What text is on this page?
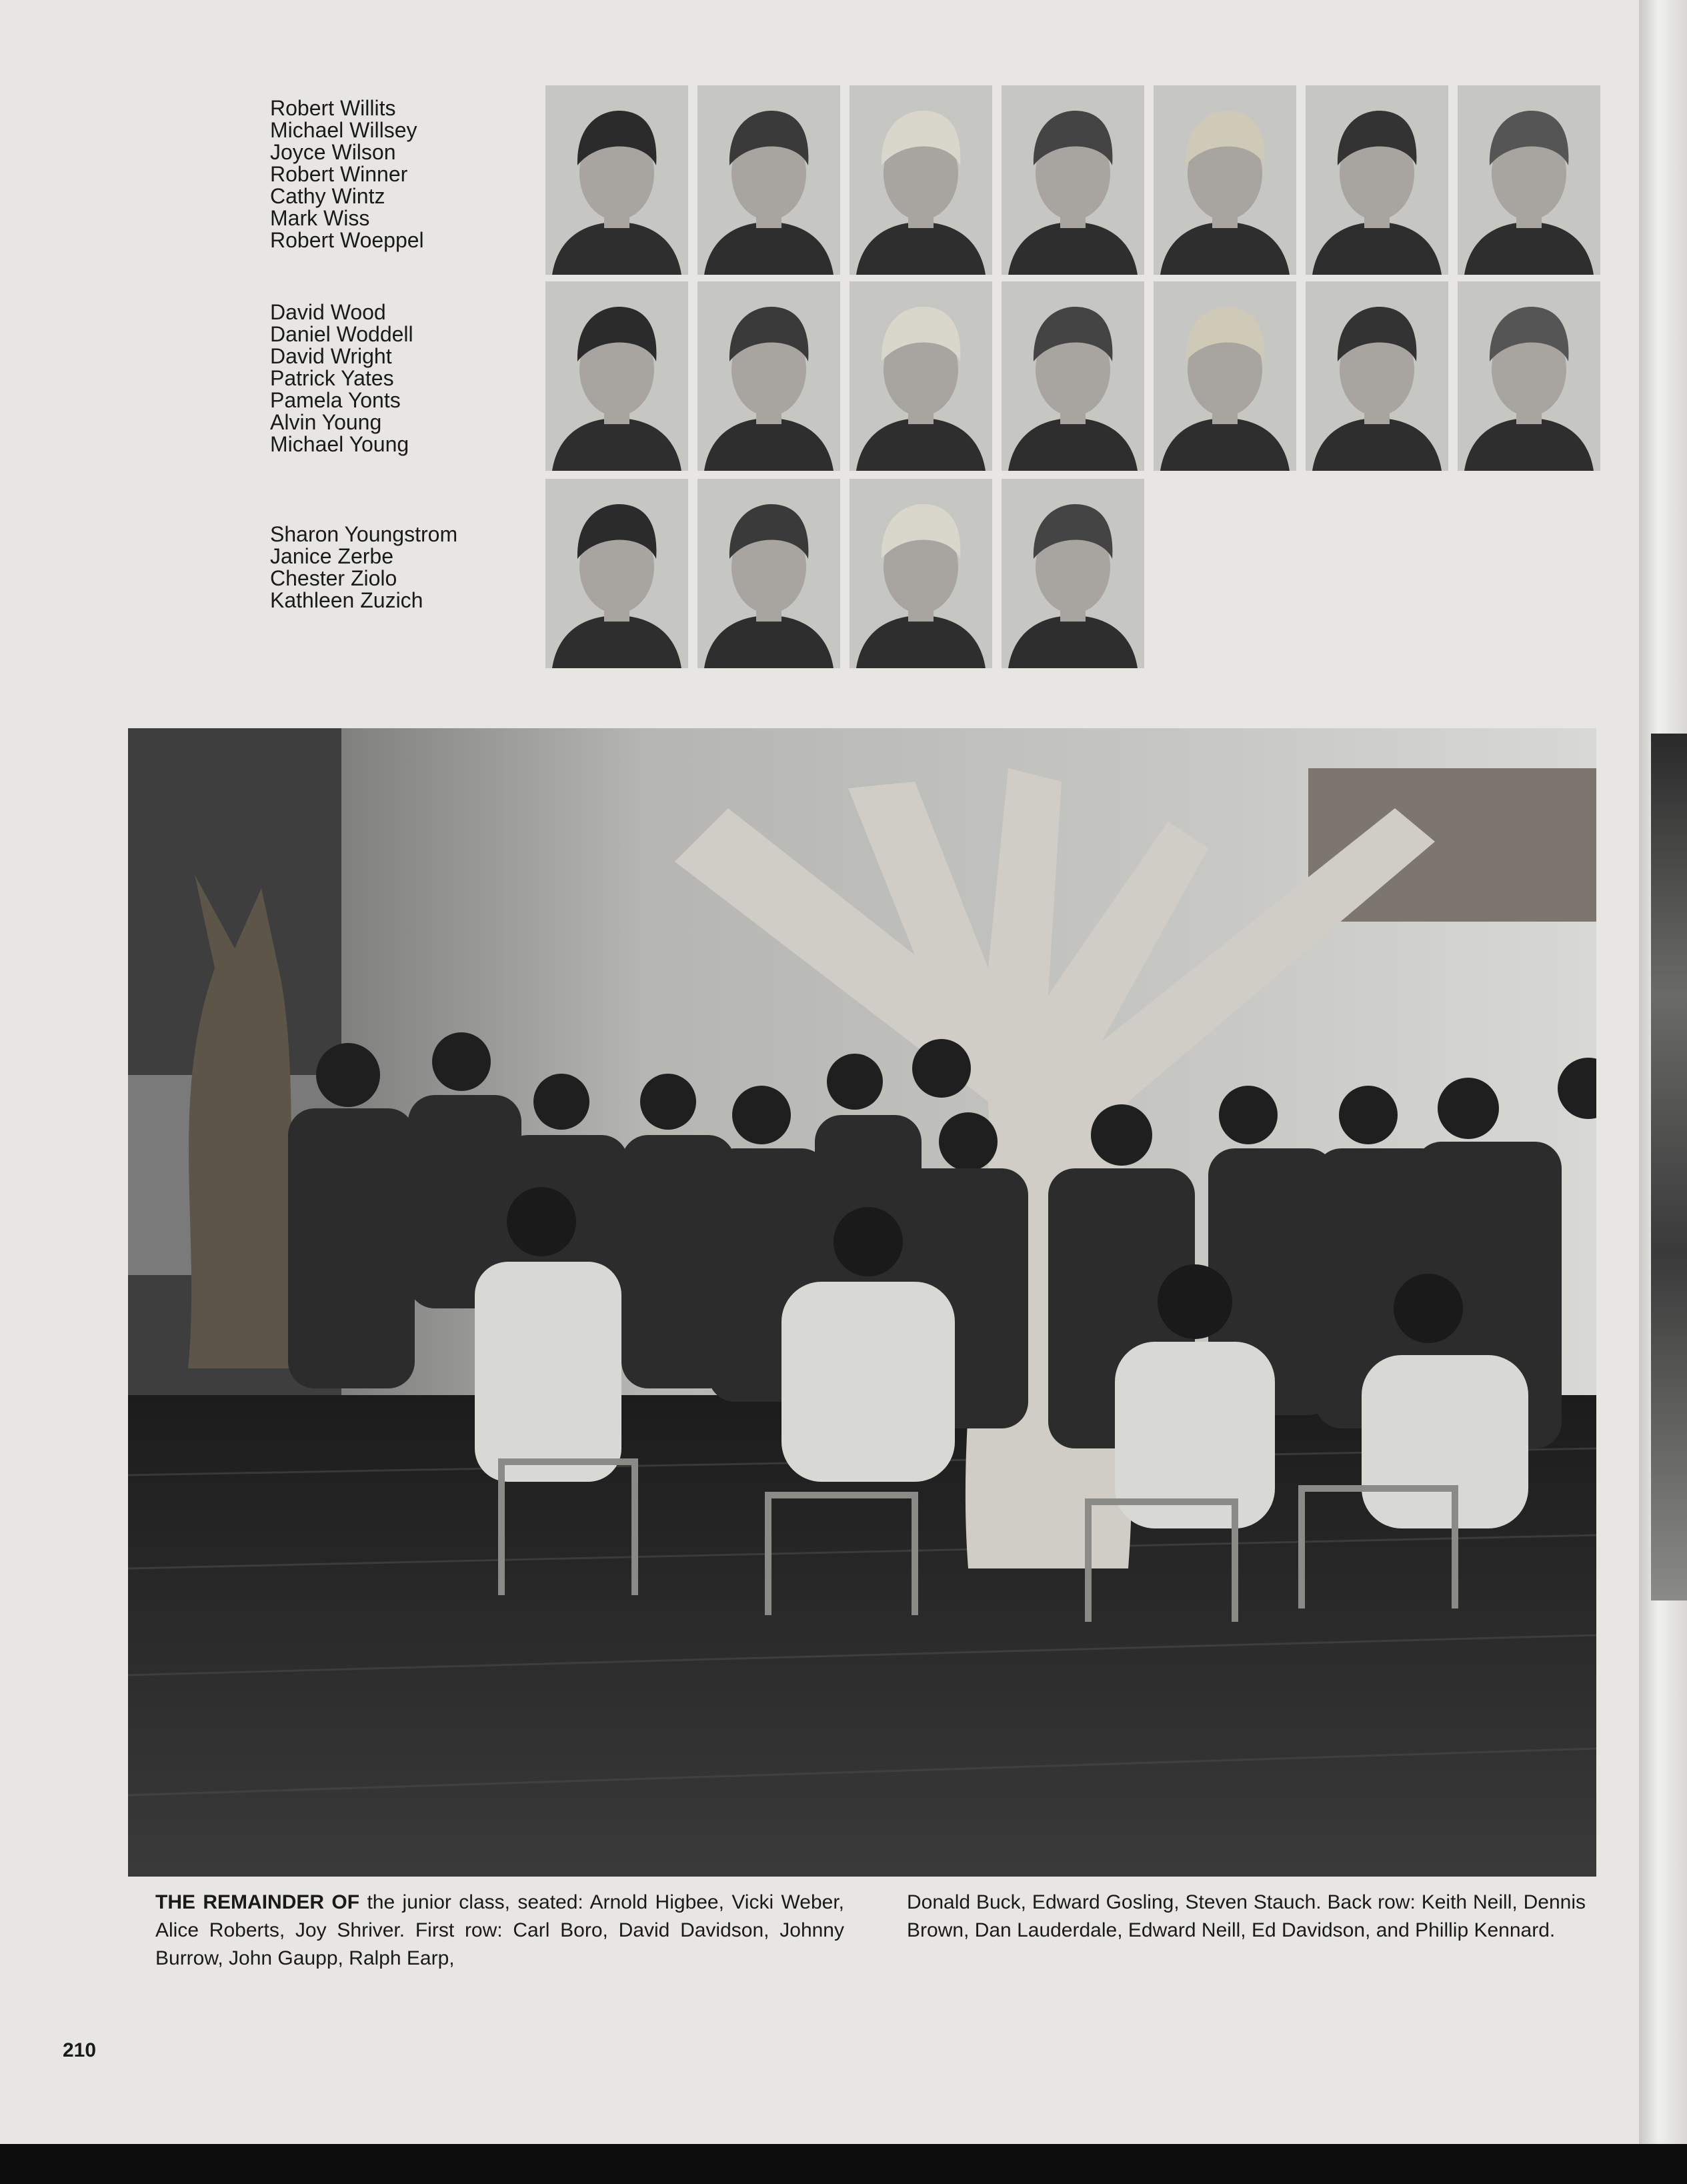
Robert Willits
Michael Willsey
Joyce Wilson
Robert Winner
Cathy Wintz
Mark Wiss
Robert Woeppel
David Wood
Daniel Woddell
David Wright
Patrick Yates
Pamela Yonts
Alvin Young
Michael Young
Sharon Youngstrom
Janice Zerbe
Chester Ziolo
Kathleen Zuzich

THE REMAINDER OF the junior class, seated: Arnold Higbee, Vicki Weber, Alice Roberts, Joy Shriver. First row: Carl Boro, David Davidson, Johnny Burrow, John Gaupp, Ralph Earp,

Donald Buck, Edward Gosling, Steven Stauch. Back row: Keith Neill, Dennis Brown, Dan Lauderdale, Edward Neill, Ed Davidson, and Phillip Kennard.

210
